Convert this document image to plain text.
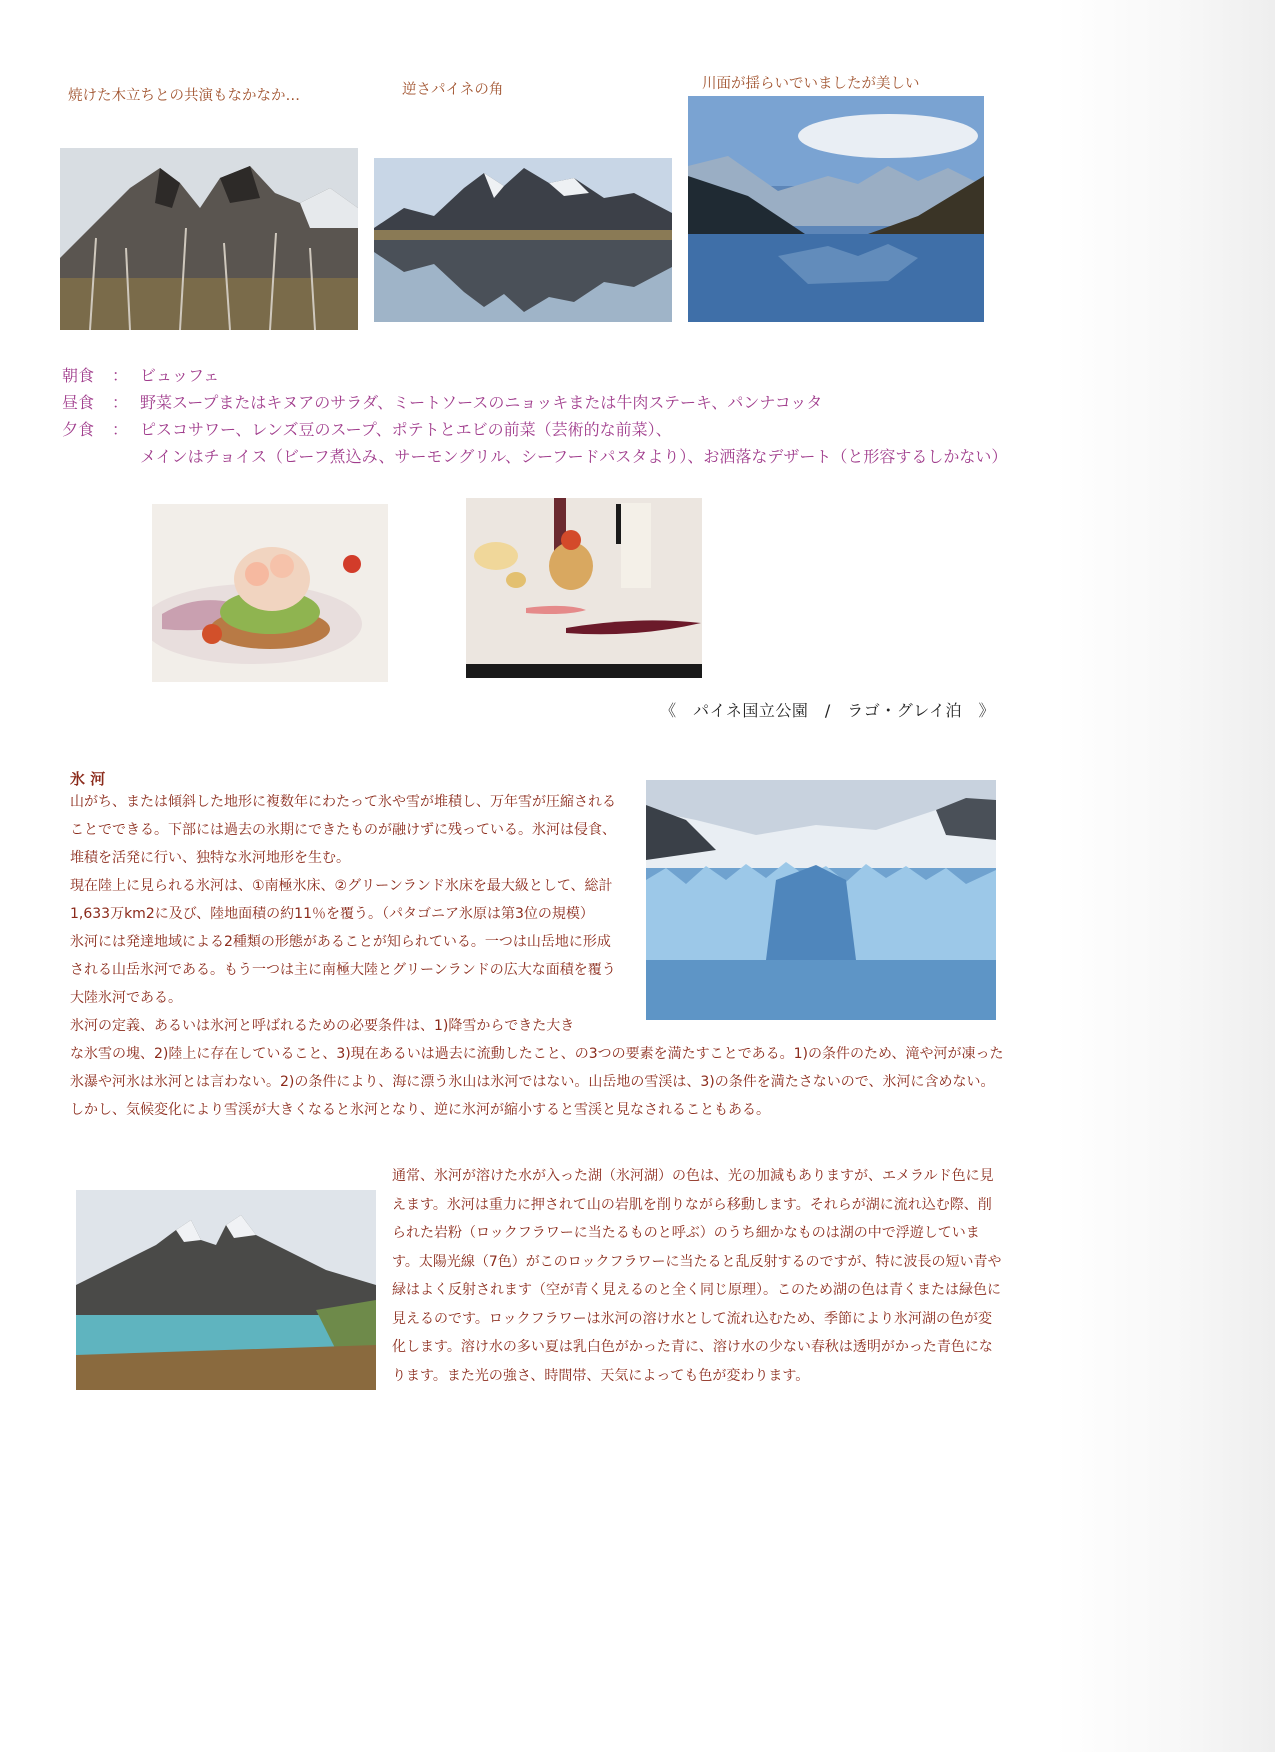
焼けた木立ちとの共演もなかなか…	逆さパイネの角	川面が揺らいでいましたが美しい
朝食	： ビュッフェ
昼食	： 野菜スープまたはキヌアのサラダ、ミートソースのニョッキまたは牛肉ステーキ、パンナコッタ
夕食	： ピスコサワー、レンズ豆のスープ、ポテトとエビの前菜（芸術的な前菜）、
メインはチョイス（ビーフ煮込み、サーモングリル、シーフードパスタより）、お洒落なデザート（と形容するしかない）
《　パイネ国立公園　/　ラゴ・グレイ泊　》
氷 河

山がち、または傾斜した地形に複数年にわたって氷や雪が堆積し、万年雪が圧縮されることでできる。下部には過去の氷期にできたものが融けずに残っている。氷河は侵食、堆積を活発に行い、独特な氷河地形を生む。

現在陸上に見られる氷河は、①南極氷床、②グリーンランド氷床を最大級として、総計1,633万km2に及び、陸地面積の約11％を覆う。（パタゴニア氷原は第3位の規模）

氷河には発達地域による2種類の形態があることが知られている。一つは山岳地に形成される山岳氷河である。もう一つは主に南極大陸とグリーンランドの広大な面積を覆う大陸氷河である。

氷河の定義、あるいは氷河と呼ばれるための必要条件は、1)降雪からできた大き

な氷雪の塊、2)陸上に存在していること、3)現在あるいは過去に流動したこと、の3つの要素を満たすことである。1)の条件のため、滝や河が凍った氷瀑や河氷は氷河とは言わない。2)の条件により、海に漂う氷山は氷河ではない。山岳地の雪渓は、3)の条件を満たさないので、氷河に含めない。しかし、気候変化により雪渓が大きくなると氷河となり、逆に氷河が縮小すると雪渓と見なされることもある。

通常、氷河が溶けた水が入った湖（氷河湖）の色は、光の加減もありますが、エメラルド色に見えます。氷河は重力に押されて山の岩肌を削りながら移動します。それらが湖に流れ込む際、削られた岩粉（ロックフラワーに当たるものと呼ぶ）のうち細かなものは湖の中で浮遊しています。太陽光線（7色）がこのロックフラワーに当たると乱反射するのですが、特に波長の短い青や緑はよく反射されます（空が青く見えるのと全く同じ原理）。このため湖の色は青くまたは緑色に見えるのです。ロックフラワーは氷河の溶け水として流れ込むため、季節により氷河湖の色が変化します。溶け水の多い夏は乳白色がかった青に、溶け水の少ない春秋は透明がかった青色になります。また光の強さ、時間帯、天気によっても色が変わります。
